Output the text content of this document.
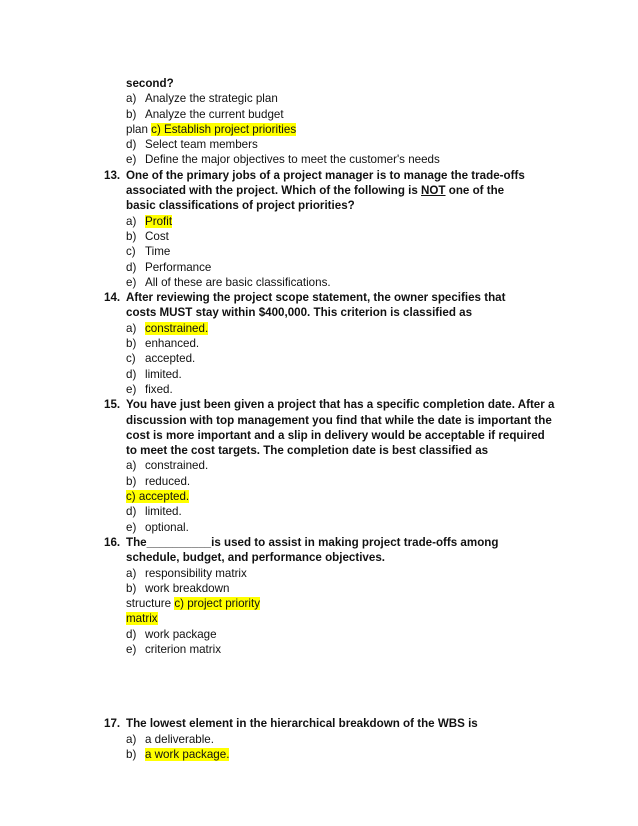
second?
a) Analyze the strategic plan
b) Analyze the current budget
plan c) Establish project priorities
d) Select team members
e) Define the major objectives to meet the customer's needs
13. One of the primary jobs of a project manager is to manage the trade-offs
associated with the project. Which of the following is NOT one of the
basic classifications of project priorities?
a) Profit
b) Cost
c) Time
d) Performance
e) All of these are basic classifications.
14. After reviewing the project scope statement, the owner specifies that
costs MUST stay within $400,000. This criterion is classified as
a) constrained.
b) enhanced.
c) accepted.
d) limited.
e) fixed.
15. You have just been given a project that has a specific completion date. After a
discussion with top management you find that while the date is important the
cost is more important and a slip in delivery would be acceptable if required
to meet the cost targets. The completion date is best classified as
a) constrained.
b) reduced.
c) accepted.
d) limited.
e) optional.
16. The__________is used to assist in making project trade-offs among
schedule, budget, and performance objectives.
a) responsibility matrix
b) work breakdown
structure c) project priority
matrix
d) work package
e) criterion matrix
17. The lowest element in the hierarchical breakdown of the WBS is
a) a deliverable.
b) a work package.
